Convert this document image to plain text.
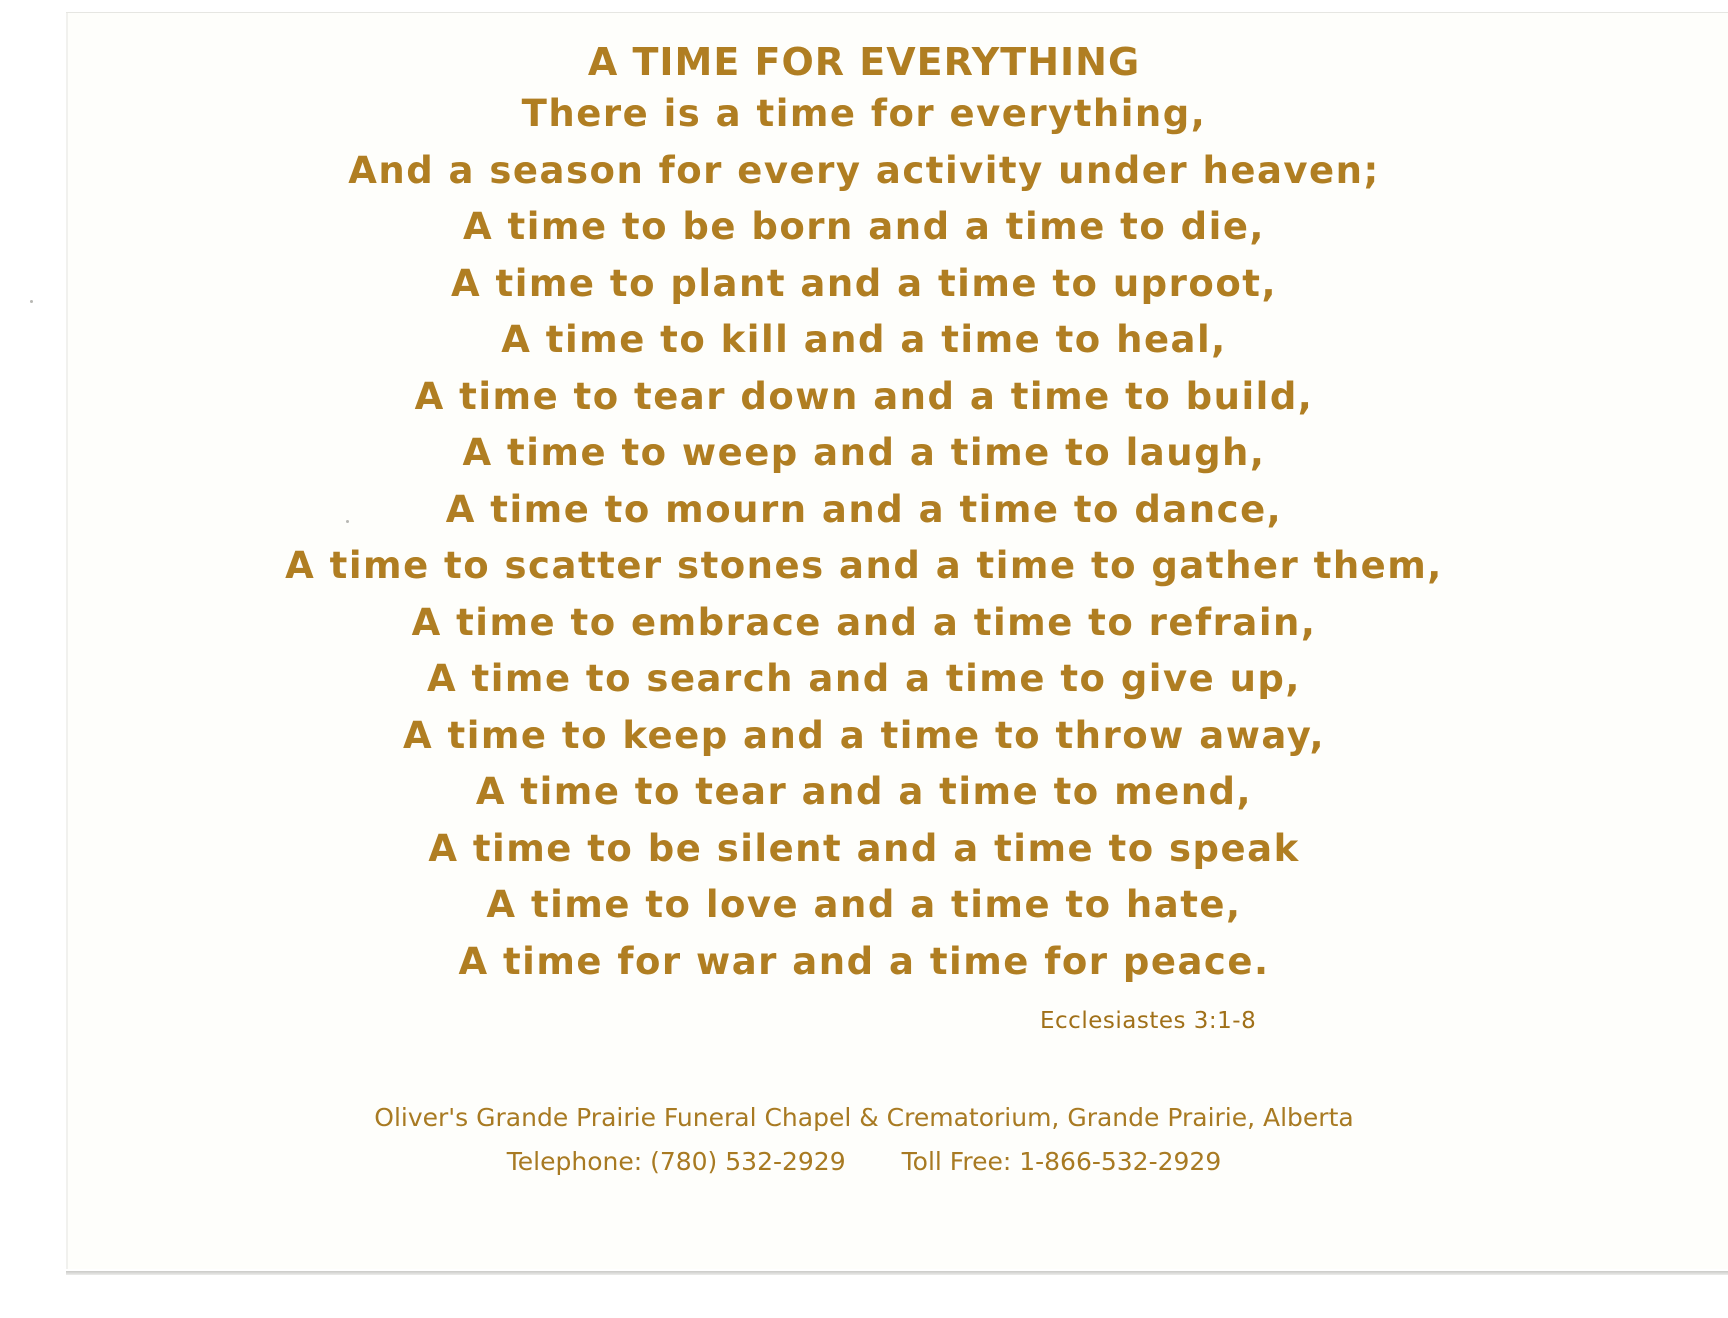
A TIME FOR EVERYTHING

There is a time for everything,

And a season for every activity under heaven;

A time to be born and a time to die,

A time to plant and a time to uproot,

A time to kill and a time to heal,

A time to tear down and a time to build,

A time to weep and a time to laugh,

A time to mourn and a time to dance,

A time to scatter stones and a time to gather them,

A time to embrace and a time to refrain,

A time to search and a time to give up,

A time to keep and a time to throw away,

A time to tear and a time to mend,

A time to be silent and a time to speak

A time to love and a time to hate,

A time for war and a time for peace.

Ecclesiastes 3:1-8
Oliver's Grande Prairie Funeral Chapel & Crematorium, Grande Prairie, Alberta
Telephone: (780) 532-2929 Toll Free: 1-866-532-2929
